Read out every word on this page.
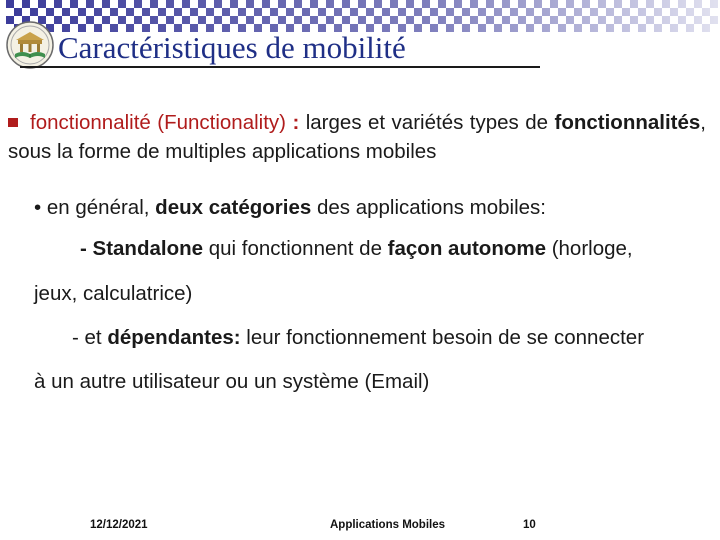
Caractéristiques de mobilité
fonctionnalité (Functionality) : larges et variétés types de fonctionnalités, sous la forme de multiples applications mobiles
• en général, deux catégories des applications mobiles:
- Standalone qui fonctionnent de façon autonome (horloge,
jeux, calculatrice)
- et dépendantes: leur fonctionnement besoin de se connecter
à un autre utilisateur ou un système (Email)
12/12/2021	Applications Mobiles	10
